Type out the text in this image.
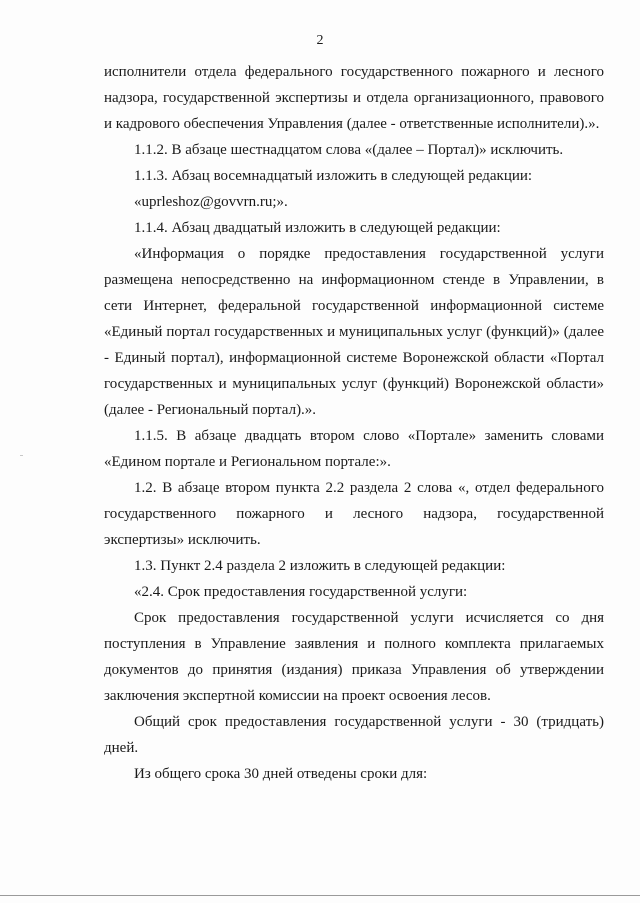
2

исполнители отдела федерального государственного пожарного и лесного надзора, государственной экспертизы и отдела организационного, правового и кадрового обеспечения Управления (далее - ответственные исполнители).».

1.1.2. В абзаце шестнадцатом слова «(далее – Портал)» исключить.

1.1.3. Абзац восемнадцатый изложить в следующей редакции:

«uprleshoz@govvrn.ru;».

1.1.4. Абзац двадцатый изложить в следующей редакции:

«Информация о порядке предоставления государственной услуги размещена непосредственно на информационном стенде в Управлении, в сети Интернет, федеральной государственной информационной системе «Единый портал государственных и муниципальных услуг (функций)» (далее - Единый портал), информационной системе Воронежской области «Портал государственных и муниципальных услуг (функций) Воронежской области» (далее - Региональный портал).».

1.1.5. В абзаце двадцать втором слово «Портале» заменить словами «Едином портале и Региональном портале:».

1.2. В абзаце втором пункта 2.2 раздела 2 слова «, отдел федерального государственного пожарного и лесного надзора, государственной экспертизы» исключить.

1.3. Пункт 2.4 раздела 2 изложить в следующей редакции:

«2.4. Срок предоставления государственной услуги:

Срок предоставления государственной услуги исчисляется со дня поступления в Управление заявления и полного комплекта прилагаемых документов до принятия (издания) приказа Управления об утверждении заключения экспертной комиссии на проект освоения лесов.

Общий срок предоставления государственной услуги - 30 (тридцать) дней.

Из общего срока 30 дней отведены сроки для:
